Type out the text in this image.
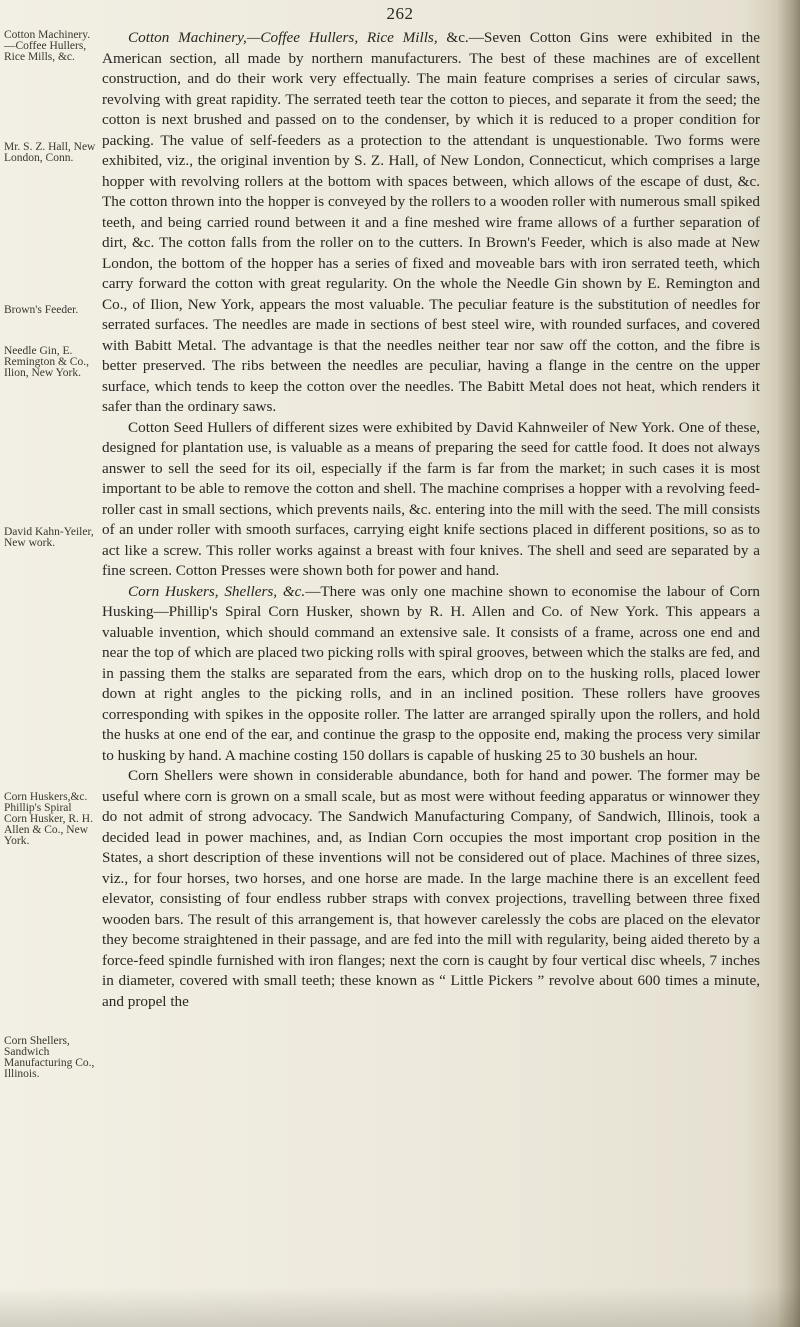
262
Cotton Machinery.—Coffee Hullers, Rice Mills, &c.
Mr. S. Z. Hall, New London, Conn.
Brown's Feeder.
Needle Gin, E. Remington & Co., Ilion, New York.
David Kahn-Yeiler, New work.
Corn Huskers,&c. Phillip's Spiral Corn Husker, R. H. Allen & Co., New York.
Corn Shellers, Sandwich Manufacturing Co., Illinois.

Cotton Machinery,—Coffee Hullers, Rice Mills, &c.—Seven Cotton Gins were exhibited in the American section, all made by northern manufacturers. The best of these machines are of excellent construction, and do their work very effectually. The main feature comprises a series of circular saws, revolving with great rapidity. The serrated teeth tear the cotton to pieces, and separate it from the seed; the cotton is next brushed and passed on to the condenser, by which it is reduced to a proper condition for packing. The value of self-feeders as a protection to the attendant is unquestionable. Two forms were exhibited, viz., the original invention by S. Z. Hall, of New London, Connecticut, which comprises a large hopper with revolving rollers at the bottom with spaces between, which allows of the escape of dust, &c. The cotton thrown into the hopper is conveyed by the rollers to a wooden roller with numerous small spiked teeth, and being carried round between it and a fine meshed wire frame allows of a further separation of dirt, &c. The cotton falls from the roller on to the cutters. In Brown's Feeder, which is also made at New London, the bottom of the hopper has a series of fixed and moveable bars with iron serrated teeth, which carry forward the cotton with great regularity. On the whole the Needle Gin shown by E. Remington and Co., of Ilion, New York, appears the most valuable. The peculiar feature is the substitution of needles for serrated surfaces. The needles are made in sections of best steel wire, with rounded surfaces, and covered with Babitt Metal. The advantage is that the needles neither tear nor saw off the cotton, and the fibre is better preserved. The ribs between the needles are peculiar, having a flange in the centre on the upper surface, which tends to keep the cotton over the needles. The Babitt Metal does not heat, which renders it safer than the ordinary saws.

Cotton Seed Hullers of different sizes were exhibited by David Kahnweiler of New York. One of these, designed for plantation use, is valuable as a means of preparing the seed for cattle food. It does not always answer to sell the seed for its oil, especially if the farm is far from the market; in such cases it is most important to be able to remove the cotton and shell. The machine comprises a hopper with a revolving feed-roller cast in small sections, which prevents nails, &c. entering into the mill with the seed. The mill consists of an under roller with smooth surfaces, carrying eight knife sections placed in different positions, so as to act like a screw. This roller works against a breast with four knives. The shell and seed are separated by a fine screen. Cotton Presses were shown both for power and hand.

Corn Huskers, Shellers, &c.—There was only one machine shown to economise the labour of Corn Husking—Phillip's Spiral Corn Husker, shown by R. H. Allen and Co. of New York. This appears a valuable invention, which should command an extensive sale. It consists of a frame, across one end and near the top of which are placed two picking rolls with spiral grooves, between which the stalks are fed, and in passing them the stalks are separated from the ears, which drop on to the husking rolls, placed lower down at right angles to the picking rolls, and in an inclined position. These rollers have grooves corresponding with spikes in the opposite roller. The latter are arranged spirally upon the rollers, and hold the husks at one end of the ear, and continue the grasp to the opposite end, making the process very similar to husking by hand. A machine costing 150 dollars is capable of husking 25 to 30 bushels an hour.

Corn Shellers were shown in considerable abundance, both for hand and power. The former may be useful where corn is grown on a small scale, but as most were without feeding apparatus or winnower they do not admit of strong advocacy. The Sandwich Manufacturing Company, of Sandwich, Illinois, took a decided lead in power machines, and, as Indian Corn occupies the most important crop position in the States, a short description of these inventions will not be considered out of place. Machines of three sizes, viz., for four horses, two horses, and one horse are made. In the large machine there is an excellent feed elevator, consisting of four endless rubber straps with convex projections, travelling between three fixed wooden bars. The result of this arrangement is, that however carelessly the cobs are placed on the elevator they become straightened in their passage, and are fed into the mill with regularity, being aided thereto by a force-feed spindle furnished with iron flanges; next the corn is caught by four vertical disc wheels, 7 inches in diameter, covered with small teeth; these known as “ Little Pickers ” revolve about 600 times a minute, and propel the
